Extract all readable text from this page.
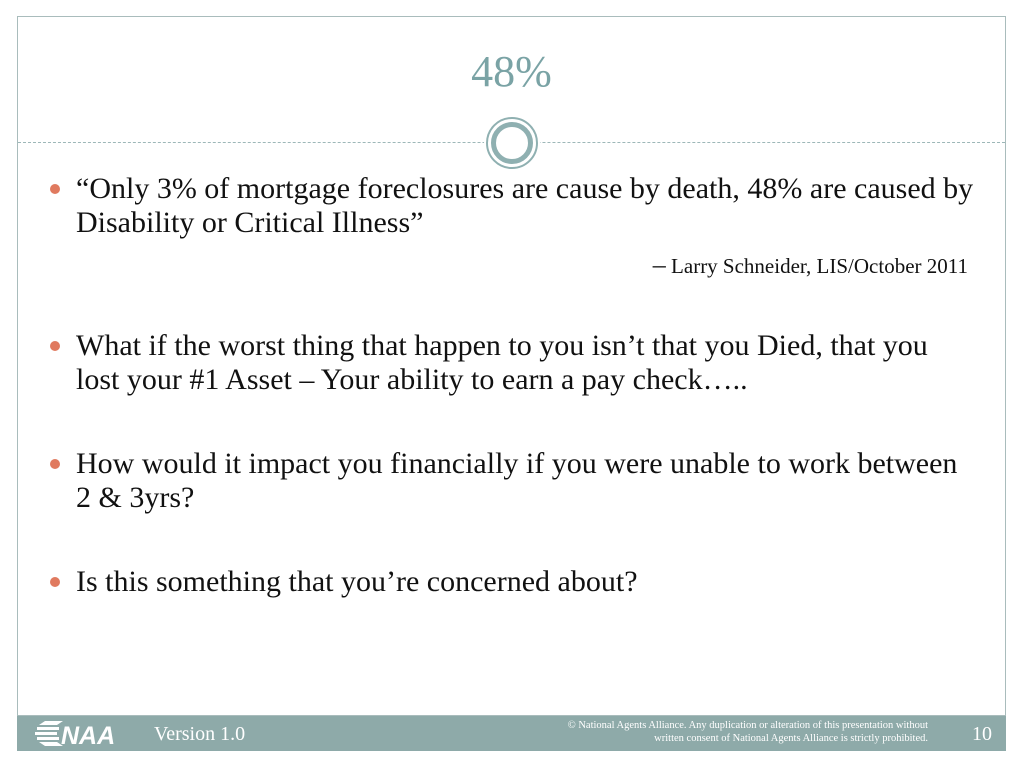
48%
“Only 3% of mortgage foreclosures are cause by death, 48% are caused by Disability or Critical Illness”
– Larry Schneider, LIS/October 2011
What if the worst thing that happen to you isn’t that you Died, that you lost your #1 Asset – Your ability to earn a pay check…..
How would it impact you financially if you were unable to work between 2 & 3yrs?
Is this something that you’re concerned about?
NAA Version 1.0	© National Agents Alliance. Any duplication or alteration of this presentation without
written consent of National Agents Alliance is strictly prohibited. 10
